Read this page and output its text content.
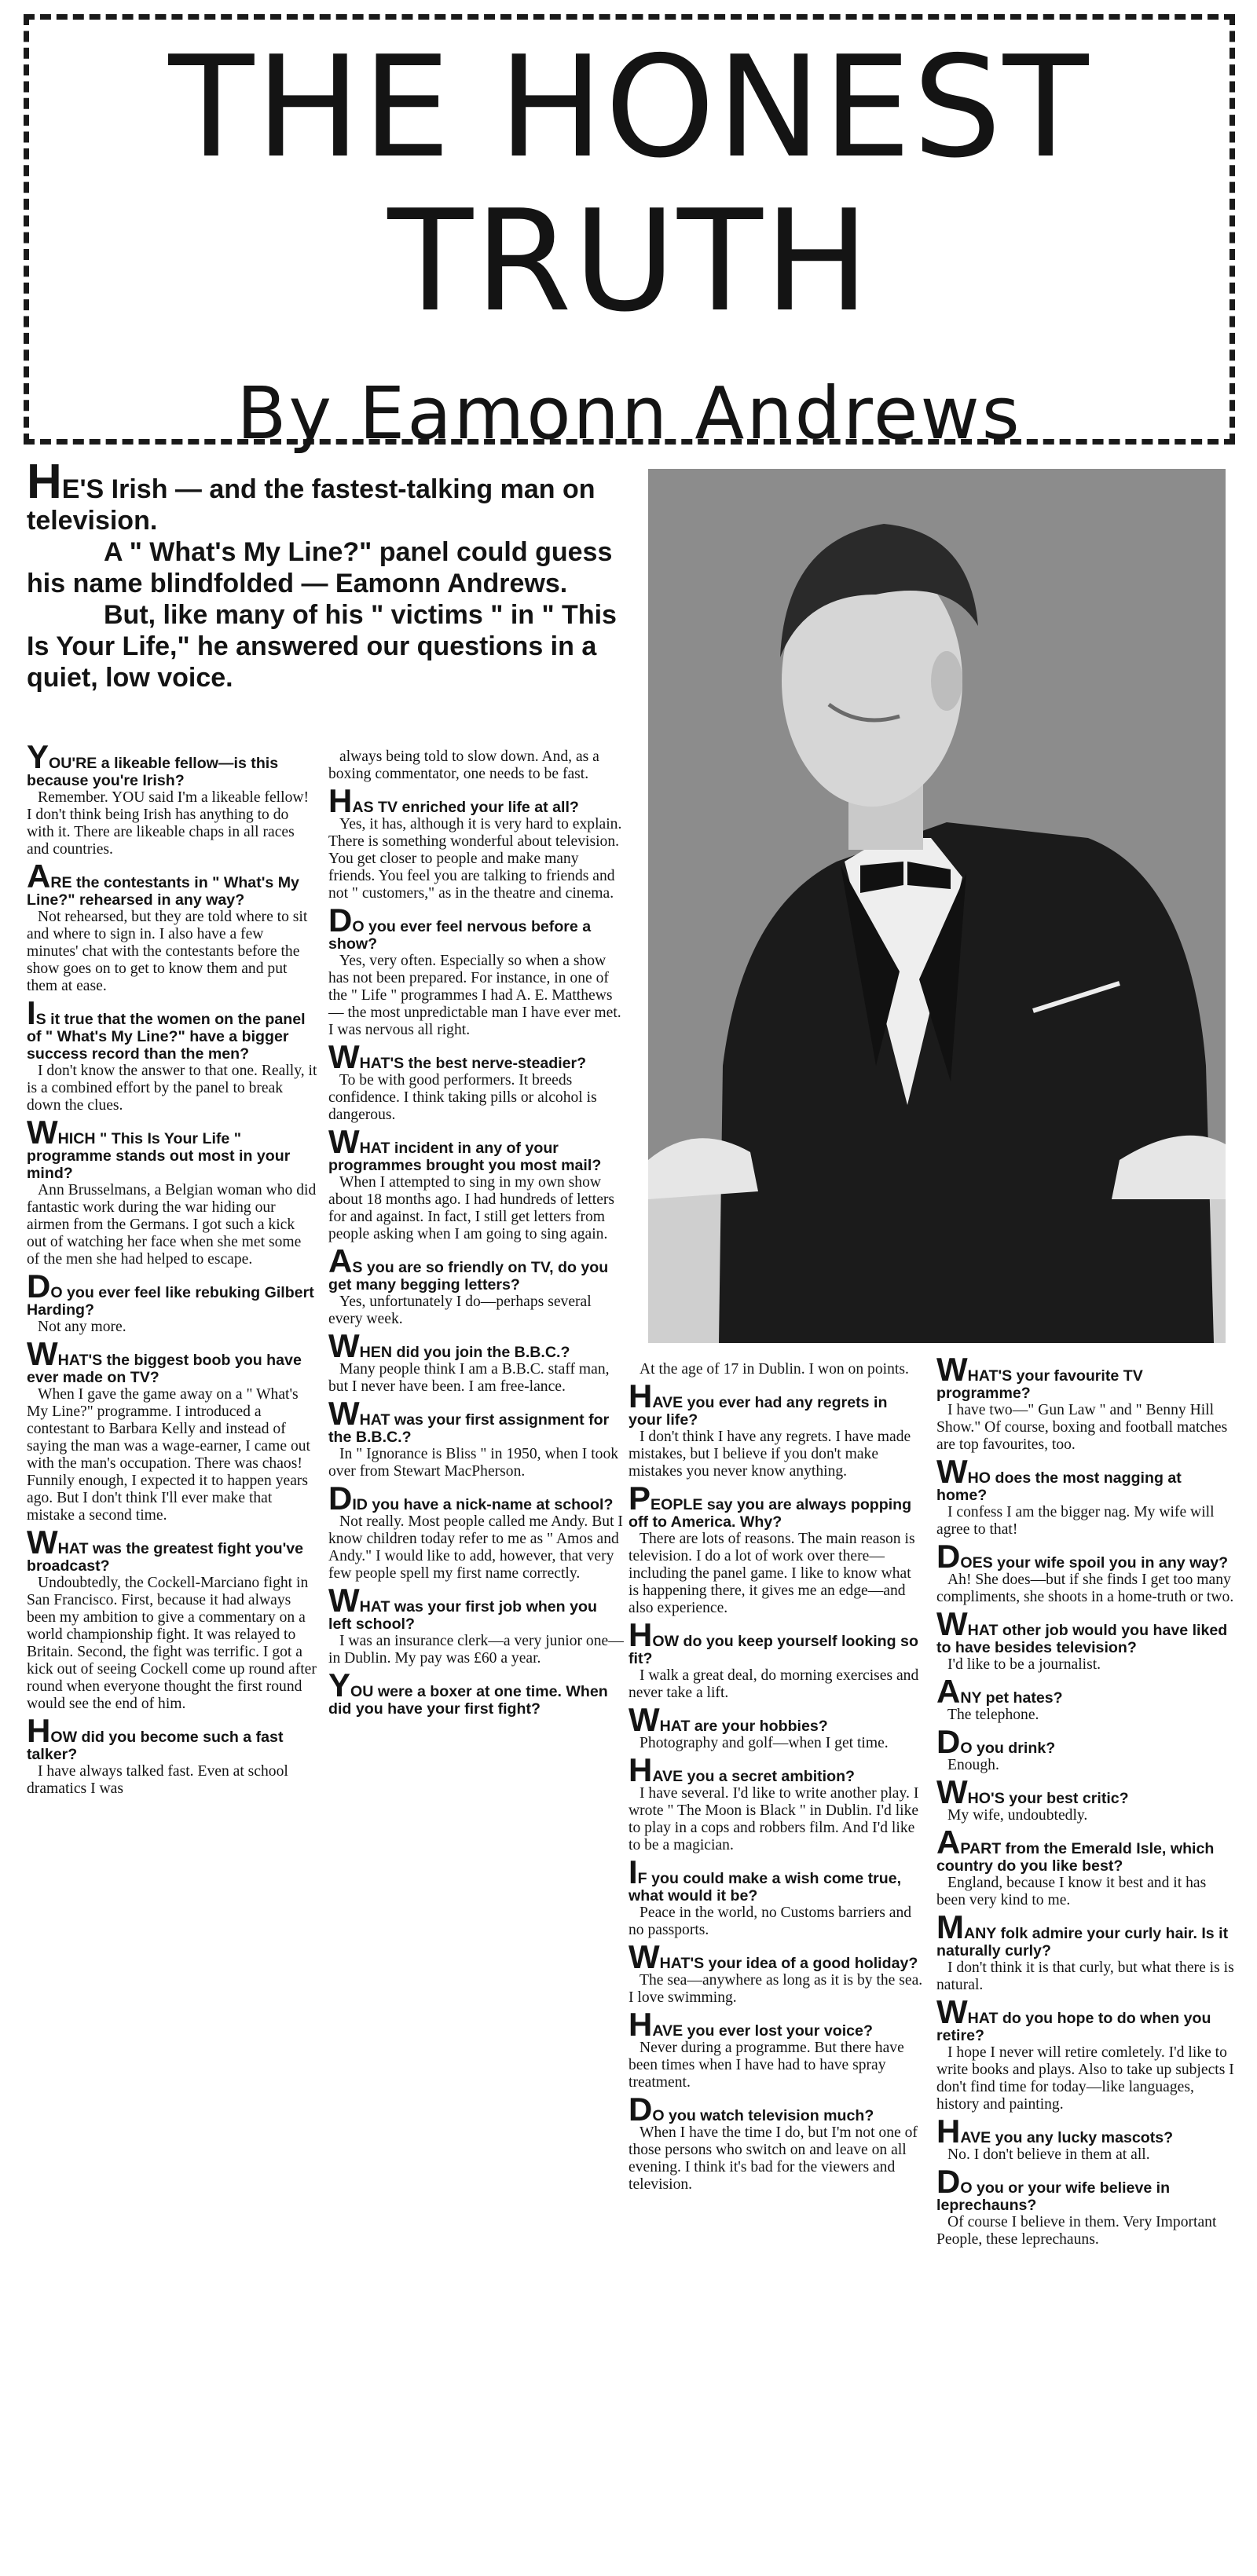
THE HONEST
TRUTH
By Eamonn Andrews

HE'S Irish — and the fastest-talking man on television.

A " What's My Line?" panel could guess his name blindfolded — Eamonn Andrews.

But, like many of his " victims " in " This Is Your Life," he answered our questions in a quiet, low voice.

YOU'RE a likeable fellow—is this because you're Irish?

Remember. YOU said I'm a likeable fellow! I don't think being Irish has anything to do with it. There are likeable chaps in all races and countries.

ARE the contestants in " What's My Line?" rehearsed in any way?

Not rehearsed, but they are told where to sit and where to sign in. I also have a few minutes' chat with the contestants before the show goes on to get to know them and put them at ease.

IS it true that the women on the panel of " What's My Line?" have a bigger success record than the men?

I don't know the answer to that one. Really, it is a combined effort by the panel to break down the clues.

WHICH " This Is Your Life " programme stands out most in your mind?

Ann Brusselmans, a Belgian woman who did fantastic work during the war hiding our airmen from the Germans. I got such a kick out of watching her face when she met some of the men she had helped to escape.

DO you ever feel like rebuking Gilbert Harding?

Not any more.

WHAT'S the biggest boob you have ever made on TV?

When I gave the game away on a " What's My Line?" programme. I introduced a contestant to Barbara Kelly and instead of saying the man was a wage-earner, I came out with the man's occupation. There was chaos! Funnily enough, I expected it to happen years ago. But I don't think I'll ever make that mistake a second time.

WHAT was the greatest fight you've broadcast?

Undoubtedly, the Cockell-Marciano fight in San Francisco. First, because it had always been my ambition to give a commentary on a world championship fight. It was relayed to Britain. Second, the fight was terrific. I got a kick out of seeing Cockell come up round after round when everyone thought the first round would see the end of him.

HOW did you become such a fast talker?

I have always talked fast. Even at school dramatics I was

always being told to slow down. And, as a boxing commentator, one needs to be fast.

HAS TV enriched your life at all?

Yes, it has, although it is very hard to explain. There is something wonderful about television. You get closer to people and make many friends. You feel you are talking to friends and not " customers," as in the theatre and cinema.

DO you ever feel nervous before a show?

Yes, very often. Especially so when a show has not been prepared. For instance, in one of the " Life " programmes I had A. E. Matthews — the most unpredictable man I have ever met. I was nervous all right.

WHAT'S the best nerve-steadier?

To be with good performers. It breeds confidence. I think taking pills or alcohol is dangerous.

WHAT incident in any of your programmes brought you most mail?

When I attempted to sing in my own show about 18 months ago. I had hundreds of letters for and against. In fact, I still get letters from people asking when I am going to sing again.

AS you are so friendly on TV, do you get many begging letters?

Yes, unfortunately I do—perhaps several every week.

WHEN did you join the B.B.C.?

Many people think I am a B.B.C. staff man, but I never have been. I am free-lance.

WHAT was your first assignment for the B.B.C.?

In " Ignorance is Bliss " in 1950, when I took over from Stewart MacPherson.

DID you have a nick-name at school?

Not really. Most people called me Andy. But I know children today refer to me as " Amos and Andy." I would like to add, however, that very few people spell my first name correctly.

WHAT was your first job when you left school?

I was an insurance clerk—a very junior one—in Dublin. My pay was £60 a year.

YOU were a boxer at one time. When did you have your first fight?

At the age of 17 in Dublin. I won on points.

HAVE you ever had any regrets in your life?

I don't think I have any regrets. I have made mistakes, but I believe if you don't make mistakes you never know anything.

PEOPLE say you are always popping off to America. Why?

There are lots of reasons. The main reason is television. I do a lot of work over there—including the panel game. I like to know what is happening there, it gives me an edge—and also experience.

HOW do you keep yourself looking so fit?

I walk a great deal, do morning exercises and never take a lift.

WHAT are your hobbies?

Photography and golf—when I get time.

HAVE you a secret ambition?

I have several. I'd like to write another play. I wrote " The Moon is Black " in Dublin. I'd like to play in a cops and robbers film. And I'd like to be a magician.

IF you could make a wish come true, what would it be?

Peace in the world, no Customs barriers and no passports.

WHAT'S your idea of a good holiday?

The sea—anywhere as long as it is by the sea. I love swimming.

HAVE you ever lost your voice?

Never during a programme. But there have been times when I have had to have spray treatment.

DO you watch television much?

When I have the time I do, but I'm not one of those persons who switch on and leave on all evening. I think it's bad for the viewers and television.

WHAT'S your favourite TV programme?

I have two—" Gun Law " and " Benny Hill Show." Of course, boxing and football matches are top favourites, too.

WHO does the most nagging at home?

I confess I am the bigger nag. My wife will agree to that!

DOES your wife spoil you in any way?

Ah! She does—but if she finds I get too many compliments, she shoots in a home-truth or two.

WHAT other job would you have liked to have besides television?

I'd like to be a journalist.

ANY pet hates?

The telephone.

DO you drink?

Enough.

WHO'S your best critic?

My wife, undoubtedly.

APART from the Emerald Isle, which country do you like best?

England, because I know it best and it has been very kind to me.

MANY folk admire your curly hair. Is it naturally curly?

I don't think it is that curly, but what there is is natural.

WHAT do you hope to do when you retire?

I hope I never will retire comletely. I'd like to write books and plays. Also to take up subjects I don't find time for today—like languages, history and painting.

HAVE you any lucky mascots?

No. I don't believe in them at all.

DO you or your wife believe in leprechauns?

Of course I believe in them. Very Important People, these leprechauns.
